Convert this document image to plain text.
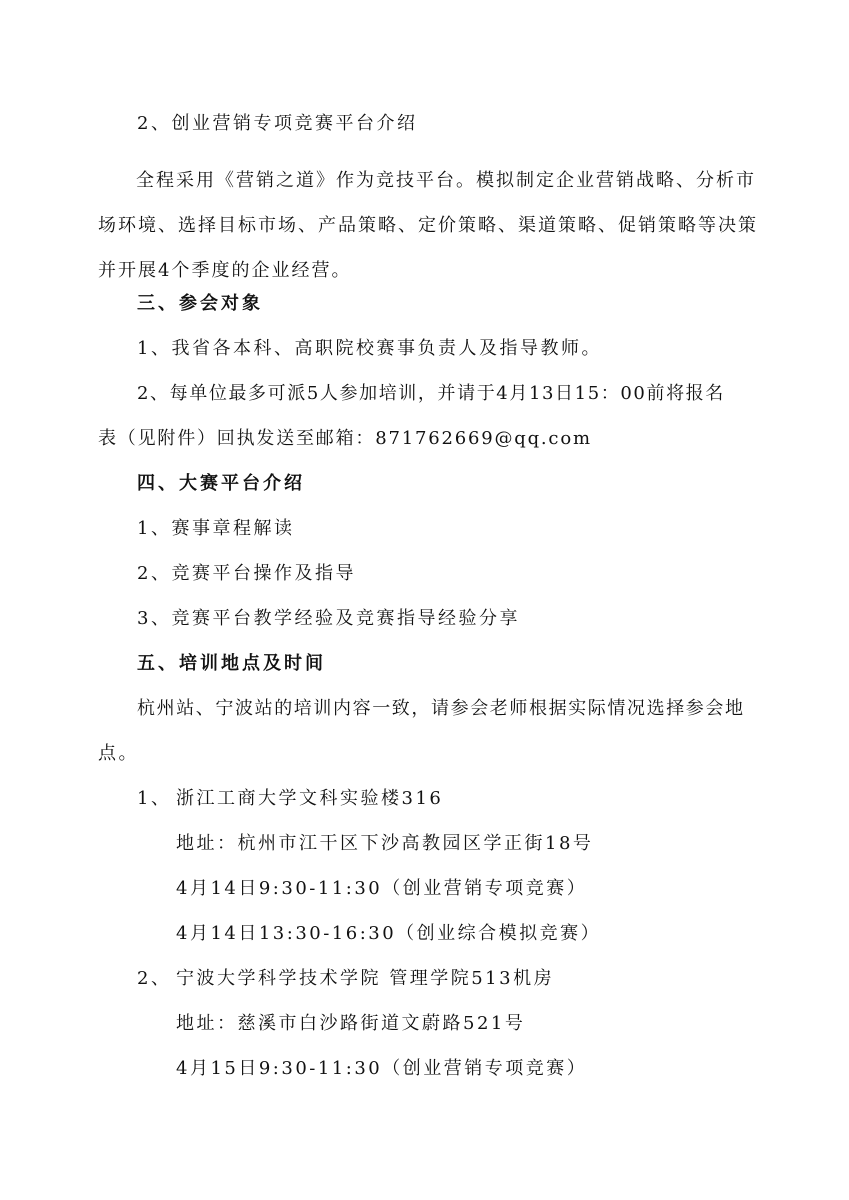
2、创业营销专项竞赛平台介绍
全程采用《营销之道》作为竞技平台。模拟制定企业营销战略、分析市场环境、选择目标市场、产品策略、定价策略、渠道策略、促销策略等决策并开展4个季度的企业经营。
三、参会对象
1、我省各本科、高职院校赛事负责人及指导教师。
2、每单位最多可派5人参加培训，并请于4月13日15：00前将报名
表（见附件）回执发送至邮箱：871762669@qq.com
四、大赛平台介绍
1、赛事章程解读
2、竞赛平台操作及指导
3、竞赛平台教学经验及竞赛指导经验分享
五、培训地点及时间
杭州站、宁波站的培训内容一致，请参会老师根据实际情况选择参会地
点。
1、 浙江工商大学文科实验楼316
地址：杭州市江干区下沙高教园区学正街18号
4月14日9:30-11:30（创业营销专项竞赛）
4月14日13:30-16:30（创业综合模拟竞赛）
2、 宁波大学科学技术学院 管理学院513机房
地址：慈溪市白沙路街道文蔚路521号
4月15日9:30-11:30（创业营销专项竞赛）
